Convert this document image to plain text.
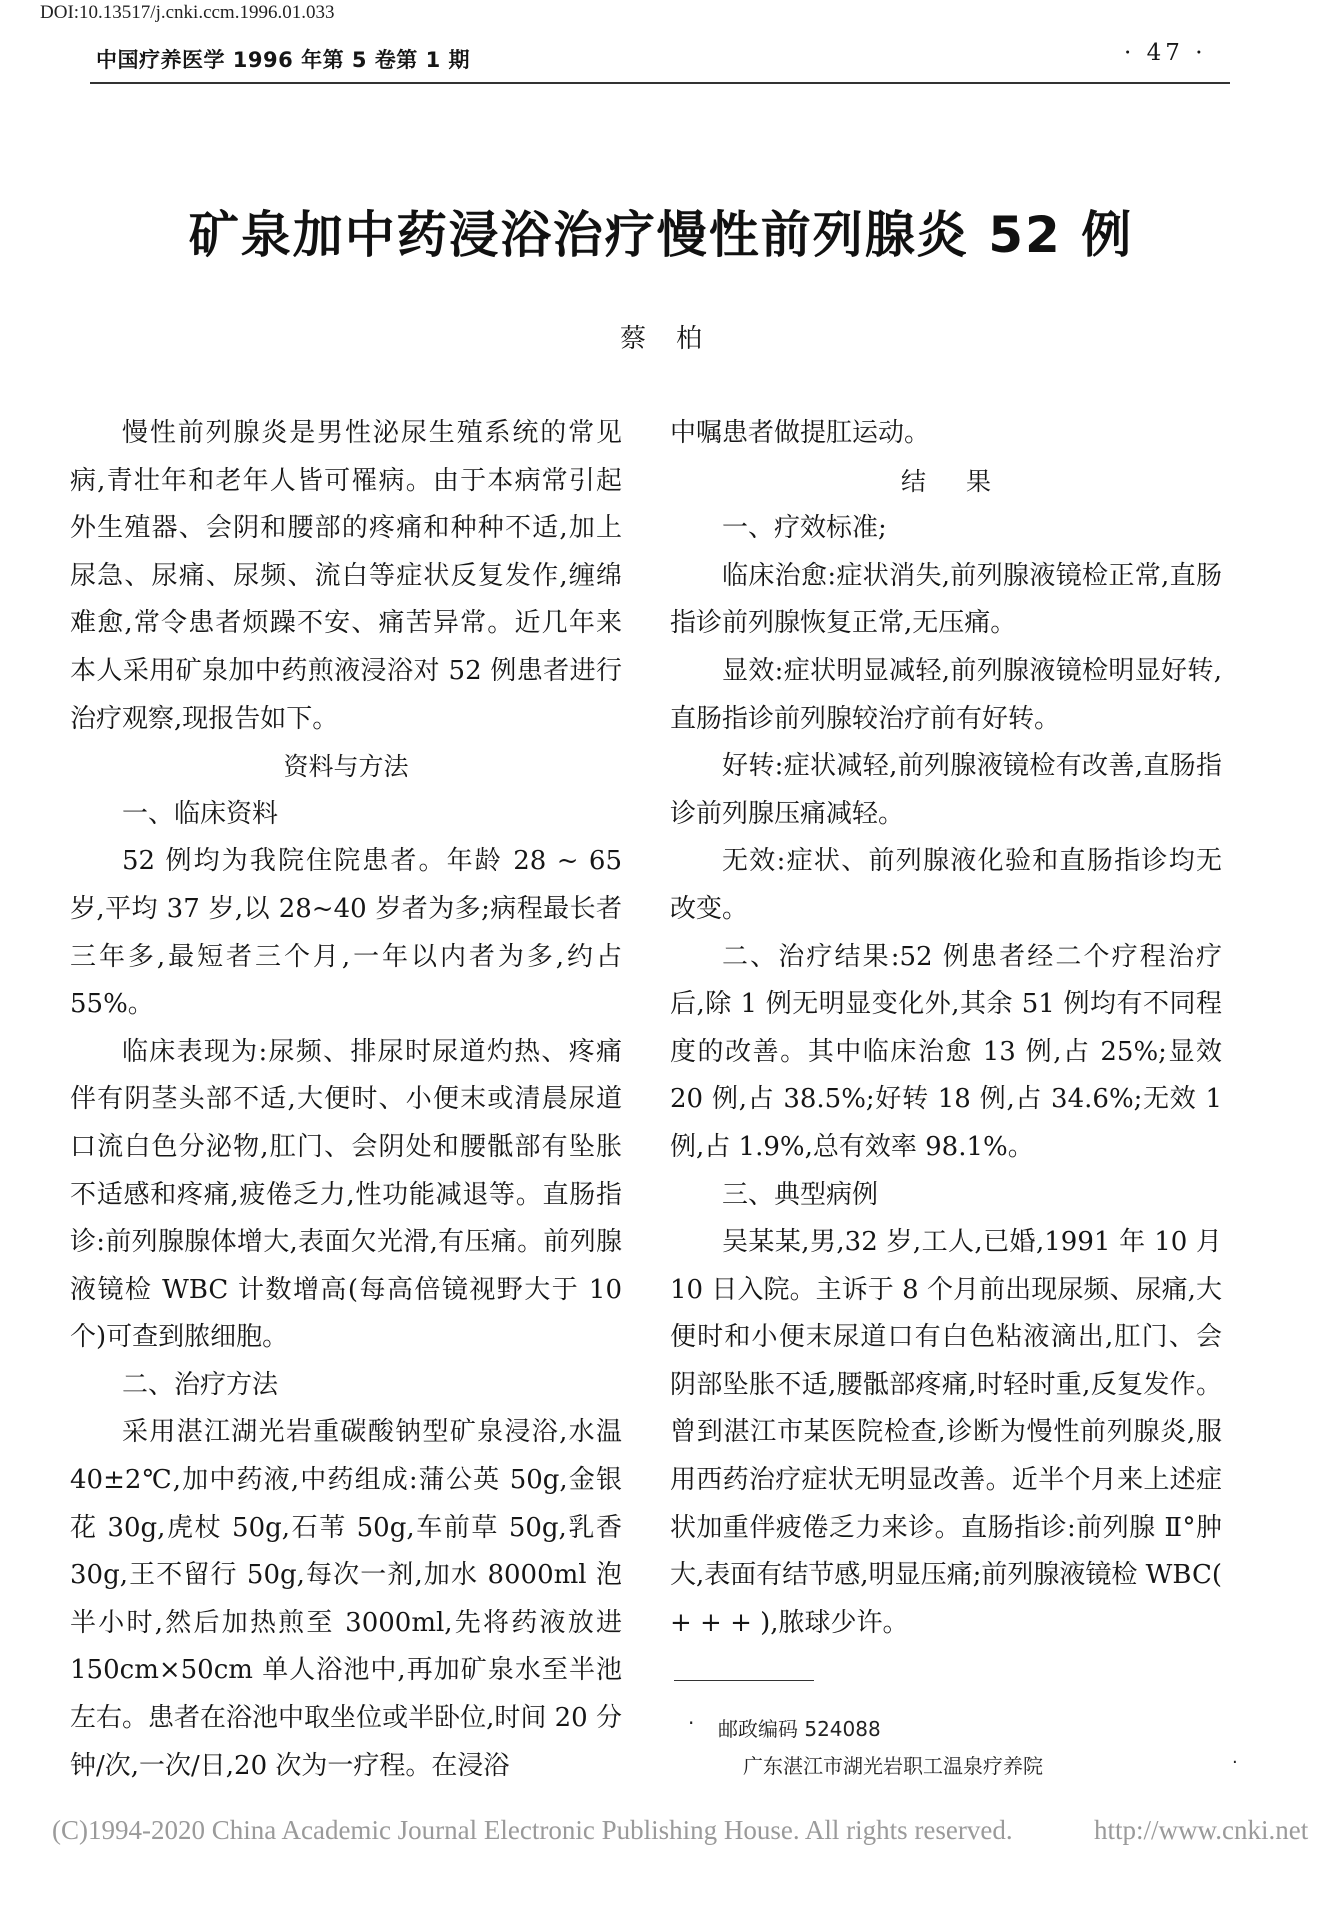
DOI:10.13517/j.cnki.ccm.1996.01.033
中国疗养医学 1996 年第 5 卷第 1 期	· 47 ·
矿泉加中药浸浴治疗慢性前列腺炎 52 例
蔡柏

慢性前列腺炎是男性泌尿生殖系统的常见病,青壮年和老年人皆可罹病。由于本病常引起外生殖器、会阴和腰部的疼痛和种种不适,加上尿急、尿痛、尿频、流白等症状反复发作,缠绵难愈,常令患者烦躁不安、痛苦异常。近几年来本人采用矿泉加中药煎液浸浴对 52 例患者进行治疗观察,现报告如下。

资料与方法

一、临床资料

52 例均为我院住院患者。年龄 28 ~ 65 岁,平均 37 岁,以 28~40 岁者为多;病程最长者三年多,最短者三个月,一年以内者为多,约占 55%。

临床表现为:尿频、排尿时尿道灼热、疼痛伴有阴茎头部不适,大便时、小便末或清晨尿道口流白色分泌物,肛门、会阴处和腰骶部有坠胀不适感和疼痛,疲倦乏力,性功能减退等。直肠指诊:前列腺腺体增大,表面欠光滑,有压痛。前列腺液镜检 WBC 计数增高(每高倍镜视野大于 10 个)可查到脓细胞。

二、治疗方法

采用湛江湖光岩重碳酸钠型矿泉浸浴,水温 40±2℃,加中药液,中药组成:蒲公英 50g,金银花 30g,虎杖 50g,石苇 50g,车前草 50g,乳香 30g,王不留行 50g,每次一剂,加水 8000ml 泡半小时,然后加热煎至 3000ml,先将药液放进 150cm×50cm 单人浴池中,再加矿泉水至半池左右。患者在浴池中取坐位或半卧位,时间 20 分钟/次,一次/日,20 次为一疗程。在浸浴

中嘱患者做提肛运动。

结果

一、疗效标准;

临床治愈:症状消失,前列腺液镜检正常,直肠指诊前列腺恢复正常,无压痛。

显效:症状明显减轻,前列腺液镜检明显好转,直肠指诊前列腺较治疗前有好转。

好转:症状减轻,前列腺液镜检有改善,直肠指诊前列腺压痛减轻。

无效:症状、前列腺液化验和直肠指诊均无改变。

二、治疗结果:52 例患者经二个疗程治疗后,除 1 例无明显变化外,其余 51 例均有不同程度的改善。其中临床治愈 13 例,占 25%;显效 20 例,占 38.5%;好转 18 例,占 34.6%;无效 1 例,占 1.9%,总有效率 98.1%。

三、典型病例

吴某某,男,32 岁,工人,已婚,1991 年 10 月 10 日入院。主诉于 8 个月前出现尿频、尿痛,大便时和小便末尿道口有白色粘液滴出,肛门、会阴部坠胀不适,腰骶部疼痛,时轻时重,反复发作。曾到湛江市某医院检查,诊断为慢性前列腺炎,服用西药治疗症状无明显改善。近半个月来上述症状加重伴疲倦乏力来诊。直肠指诊:前列腺 Ⅱ°肿大,表面有结节感,明显压痛;前列腺液镜检 WBC( + + + ),脓球少许。

· 邮政编码 524088
广东湛江市湖光岩职工温泉疗养院	·
(C)1994-2020 China Academic Journal Electronic Publishing House. All rights reserved.	http://www.cnki.net
